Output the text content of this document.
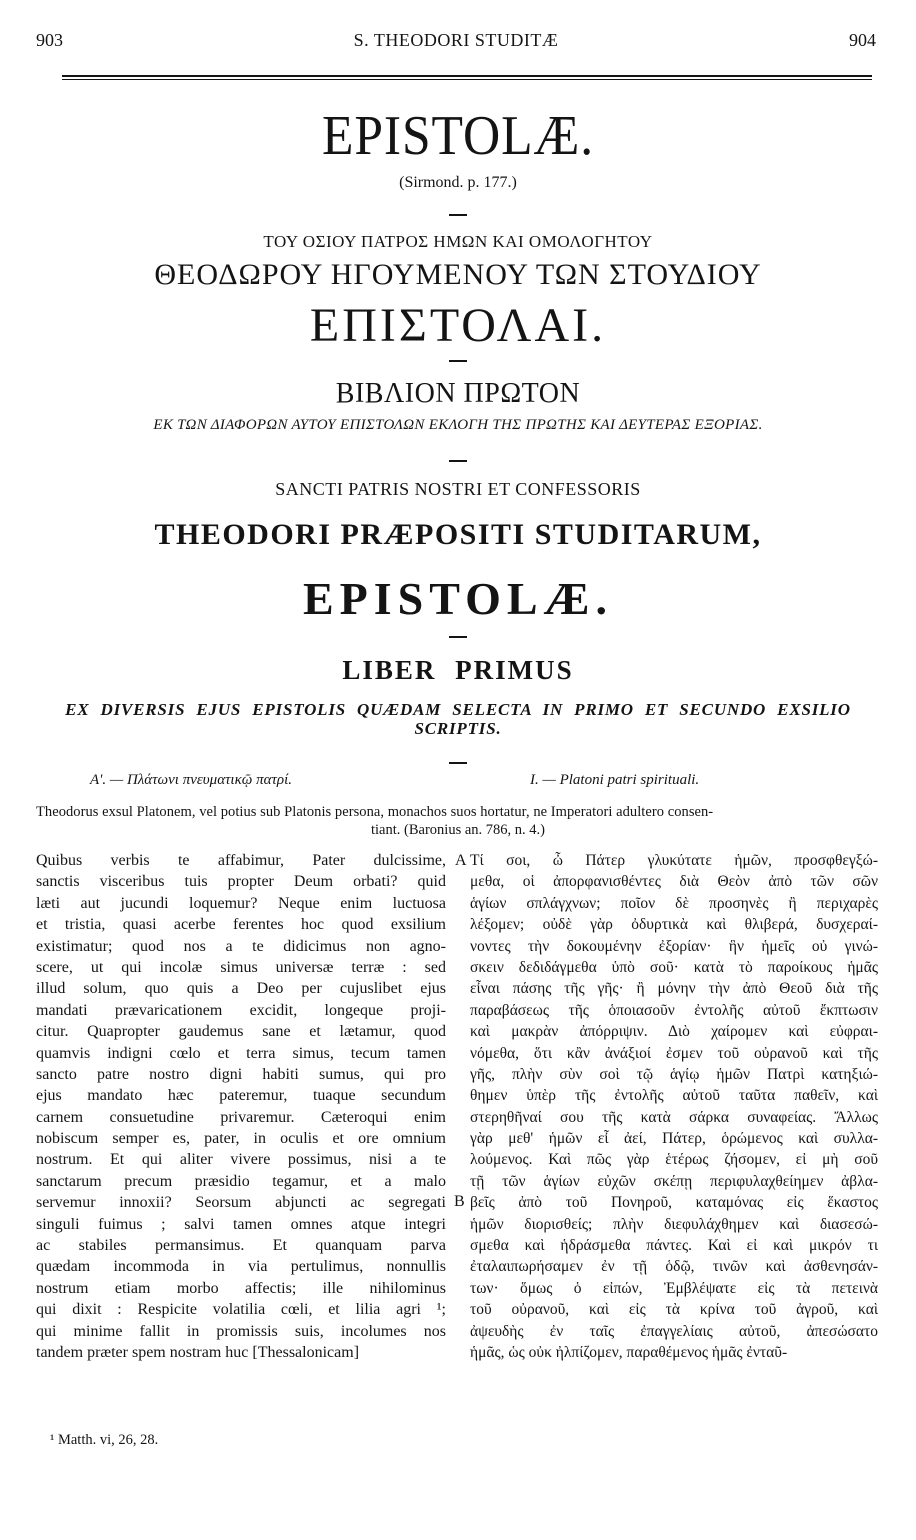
903	S. THEODORI STUDITÆ	904
EPISTOLÆ.
(Sirmond. p. 177.)
ΤΟΥ ΟΣΙΟΥ ΠΑΤΡΟΣ ΗΜΩΝ ΚΑΙ ΟΜΟΛΟΓΗΤΟΥ
ΘΕΟΔΩΡΟΥ ΗΓΟΥΜΕΝΟΥ ΤΩΝ ΣΤΟΥΔΙΟΥ
ΕΠΙΣΤΟΛΑΙ.
ΒΙΒΛΙΟΝ ΠΡΩΤΟΝ
ΕΚ ΤΩΝ ΔΙΑΦΟΡΩΝ ΑΥΤΟΥ ΕΠΙΣΤΟΛΩΝ ΕΚΛΟΓΗ ΤΗΣ ΠΡΩΤΗΣ ΚΑΙ ΔΕΥΤΕΡΑΣ ΕΞΟΡΙΑΣ.
SANCTI PATRIS NOSTRI ET CONFESSORIS
THEODORI PRÆPOSITI STUDITARUM,
EPISTOLÆ.
LIBER PRIMUS
EX DIVERSIS EJUS EPISTOLIS QUÆDAM SELECTA IN PRIMO ET SECUNDO EXSILIO
SCRIPTIS.
Α'. — Πλάτωνι πνευματικῷ πατρί.	I. — Platoni patri spirituali.
Theodorus exsul Platonem, vel potius sub Platonis persona, monachos suos hortatur, ne Imperatori adultero consen-
tiant. (Baronius an. 786, n. 4.)
Quibus verbis te affabimur, Pater dulcissime,
sanctis visceribus tuis propter Deum orbati? quid
læti aut jucundi loquemur? Neque enim luctuosa
et tristia, quasi acerbe ferentes hoc quod exsilium
existimatur; quod nos a te didicimus non agno-
scere, ut qui incolæ simus universæ terræ : sed
illud solum, quo quis a Deo per cujuslibet ejus
mandati prævaricationem excidit, longeque proji-
citur. Quapropter gaudemus sane et lætamur, quod
quamvis indigni cœlo et terra simus, tecum tamen
sancto patre nostro digni habiti sumus, qui pro
ejus mandato hæc pateremur, tuaque secundum
carnem consuetudine privaremur. Cæteroqui enim
nobiscum semper es, pater, in oculis et ore omnium
nostrum. Et qui aliter vivere possimus, nisi a te
sanctarum precum præsidio tegamur, et a malo
servemur innoxii? Seorsum abjuncti ac segregati
singuli fuimus ; salvi tamen omnes atque integri
ac stabiles permansimus. Et quanquam parva
quædam incommoda in via pertulimus, nonnullis
nostrum etiam morbo affectis; ille nihilominus
qui dixit : Respicite volatilia cœli, et lilia agri ¹;
qui minime fallit in promissis suis, incolumes nos
tandem præter spem nostram huc [Thessalonicam]
Τί σοι, ὦ Πάτερ γλυκύτατε ἡμῶν, προσφθεγξώ-
μεθα, οἱ ἀπορφανισθέντες διὰ Θεὸν ἀπὸ τῶν σῶν
ἁγίων σπλάγχνων; ποῖον δὲ προσηνὲς ἢ περιχαρὲς
λέξομεν; οὐδὲ γὰρ ὀδυρτικὰ καὶ θλιβερά, δυσχεραί-
νοντες τὴν δοκουμένην ἐξορίαν· ἣν ἡμεῖς οὐ γινώ-
σκειν δεδιδάγμεθα ὑπὸ σοῦ· κατὰ τὸ παροίκους ἡμᾶς
εἶναι πάσης τῆς γῆς· ἢ μόνην τὴν ἀπὸ Θεοῦ διὰ τῆς
παραβάσεως τῆς ὁποιασοῦν ἐντολῆς αὐτοῦ ἔκπτωσιν
καὶ μακρὰν ἀπόρριψιν. Διὸ χαίρομεν καὶ εὐφραι-
νόμεθα, ὅτι κἂν ἀνάξιοί ἐσμεν τοῦ οὐρανοῦ καὶ τῆς
γῆς, πλὴν σὺν σοὶ τῷ ἁγίῳ ἡμῶν Πατρὶ κατηξιώ-
θημεν ὑπὲρ τῆς ἐντολῆς αὐτοῦ ταῦτα παθεῖν, καὶ
στερηθῆναί σου τῆς κατὰ σάρκα συναφείας. Ἄλλως
γὰρ μεθ' ἡμῶν εἶ ἀεί, Πάτερ, ὁρώμενος καὶ συλλα-
λούμενος. Καὶ πῶς γὰρ ἑτέρως ζήσομεν, εἰ μὴ σοῦ
τῇ τῶν ἁγίων εὐχῶν σκέπῃ περιφυλαχθείημεν ἀβλα-
βεῖς ἀπὸ τοῦ Πονηροῦ, καταμόνας εἰς ἕκαστος
ἡμῶν διορισθείς; πλὴν διεφυλάχθημεν καὶ διασεσώ-
σμεθα καὶ ἡδράσμεθα πάντες. Καὶ εἰ καὶ μικρόν τι
ἐταλαιπωρήσαμεν ἐν τῇ ὁδῷ, τινῶν καὶ ἀσθενησάν-
των· ὅμως ὁ εἰπών, Ἐμβλέψατε εἰς τὰ πετεινὰ
τοῦ οὐρανοῦ, καὶ εἰς τὰ κρίνα τοῦ ἀγροῦ, καὶ
ἀψευδὴς ἐν ταῖς ἐπαγγελίαις αὐτοῦ, ἀπεσώσατο
ἡμᾶς, ὡς οὐκ ἠλπίζομεν, παραθέμενος ἡμᾶς ἐνταῦ-
A
B
¹ Matth. vi, 26, 28.
